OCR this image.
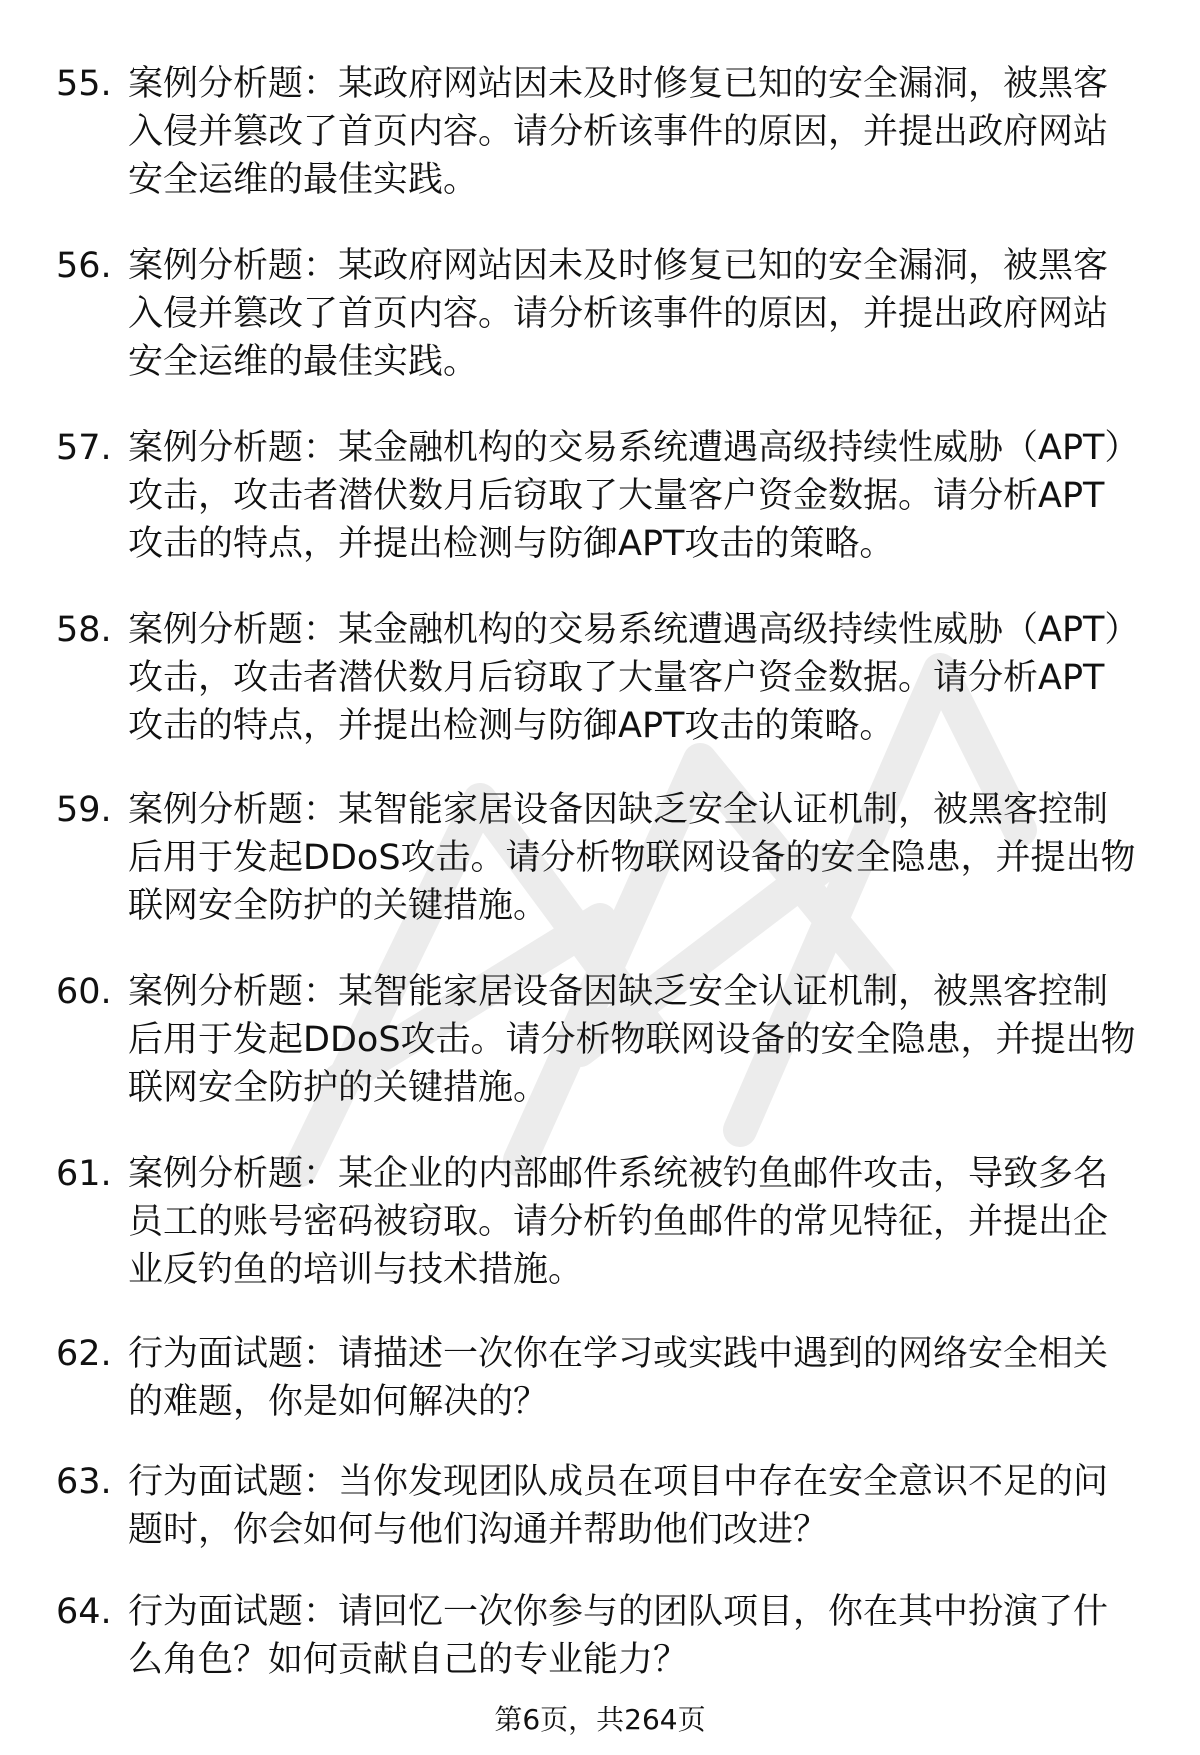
55. 案例分析题：某政府网站因未及时修复已知的安全漏洞，被黑客入侵并篡改了首页内容。请分析该事件的原因，并提出政府网站安全运维的最佳实践。

56. 案例分析题：某政府网站因未及时修复已知的安全漏洞，被黑客入侵并篡改了首页内容。请分析该事件的原因，并提出政府网站安全运维的最佳实践。

57. 案例分析题：某金融机构的交易系统遭遇高级持续性威胁（APT）攻击，攻击者潜伏数月后窃取了大量客户资金数据。请分析APT攻击的特点，并提出检测与防御APT攻击的策略。

58. 案例分析题：某金融机构的交易系统遭遇高级持续性威胁（APT）攻击，攻击者潜伏数月后窃取了大量客户资金数据。请分析APT攻击的特点，并提出检测与防御APT攻击的策略。

59. 案例分析题：某智能家居设备因缺乏安全认证机制，被黑客控制后用于发起DDoS攻击。请分析物联网设备的安全隐患，并提出物联网安全防护的关键措施。

60. 案例分析题：某智能家居设备因缺乏安全认证机制，被黑客控制后用于发起DDoS攻击。请分析物联网设备的安全隐患，并提出物联网安全防护的关键措施。

61. 案例分析题：某企业的内部邮件系统被钓鱼邮件攻击，导致多名员工的账号密码被窃取。请分析钓鱼邮件的常见特征，并提出企业反钓鱼的培训与技术措施。

62. 行为面试题：请描述一次你在学习或实践中遇到的网络安全相关的难题，你是如何解决的？

63. 行为面试题：当你发现团队成员在项目中存在安全意识不足的问题时，你会如何与他们沟通并帮助他们改进？

64. 行为面试题：请回忆一次你参与的团队项目，你在其中扮演了什么角色？如何贡献自己的专业能力？

第6页，共264页
